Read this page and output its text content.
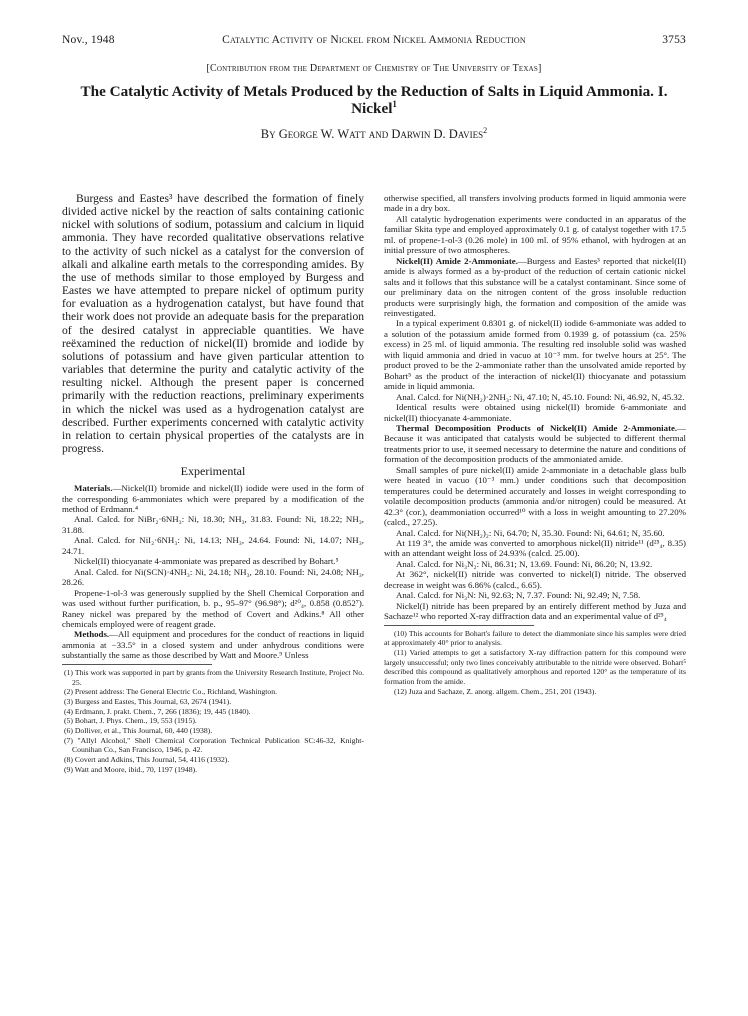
Nov., 1948	Catalytic Activity of Nickel from Nickel Ammonia Reduction	3753
[Contribution from the Department of Chemistry of The University of Texas]
The Catalytic Activity of Metals Produced by the Reduction of Salts in Liquid Ammonia. I. Nickel$^1$
By George W. Watt and Darwin D. Davies$^2$

Burgess and Eastes³ have described the formation of finely divided active nickel by the reaction of salts containing cationic nickel with solutions of sodium, potassium and calcium in liquid ammonia. They have recorded qualitative observations relative to the activity of such nickel as a catalyst for the conversion of alkali and alkaline earth metals to the corresponding amides. By the use of methods similar to those employed by Burgess and Eastes we have attempted to prepare nickel of optimum purity for evaluation as a hydrogenation catalyst, but have found that their work does not provide an adequate basis for the preparation of the desired catalyst in appreciable quantities. We have reëxamined the reduction of nickel(II) bromide and iodide by solutions of potassium and have given particular attention to variables that determine the purity and catalytic activity of the resulting nickel. Although the present paper is concerned primarily with the reduction reactions, preliminary experiments in which the nickel was used as a hydrogenation catalyst are described. Further experiments concerned with catalytic activity in relation to certain physical properties of the catalysts are in progress.

Experimental

Materials.—Nickel(II) bromide and nickel(II) iodide were used in the form of the corresponding 6-ammoniates which were prepared by a modification of the method of Erdmann.⁴

Anal. Calcd. for NiBr₂·6NH₃: Ni, 18.30; NH₃, 31.83. Found: Ni, 18.22; NH₃, 31.88.

Anal. Calcd. for NiI₂·6NH₃: Ni, 14.13; NH₃, 24.64. Found: Ni, 14.07; NH₃, 24.71.

Nickel(II) thiocyanate 4-ammoniate was prepared as described by Bohart.⁵

Anal. Calcd. for Ni(SCN)·4NH₃: Ni, 24.18; NH₃, 28.10. Found: Ni, 24.08; NH₃, 28.26.

Propene-1-ol-3 was generously supplied by the Shell Chemical Corporation and was used without further purification, b. p., 95–97° (96.98°); d²⁰₄, 0.858 (0.852⁷). Raney nickel was prepared by the method of Covert and Adkins.⁸ All other chemicals employed were of reagent grade.

Methods.—All equipment and procedures for the conduct of reactions in liquid ammonia at −33.5° in a closed system and under anhydrous conditions were substantially the same as those described by Watt and Moore.⁹ Unless

(1) This work was supported in part by grants from the University Research Institute, Project No. 25.

(2) Present address: The General Electric Co., Richland, Washington.

(3) Burgess and Eastes, This Journal, 63, 2674 (1941).

(4) Erdmann, J. prakt. Chem., 7, 266 (1836); 19, 445 (1840).

(5) Bohart, J. Phys. Chem., 19, 553 (1915).

(6) Dolliver, et al., This Journal, 60, 440 (1938).

(7) "Allyl Alcohol," Shell Chemical Corporation Technical Publication SC:46-32, Knight-Counihan Co., San Francisco, 1946, p. 42.

(8) Covert and Adkins, This Journal, 54, 4116 (1932).

(9) Watt and Moore, ibid., 70, 1197 (1948).

otherwise specified, all transfers involving products formed in liquid ammonia were made in a dry box.

All catalytic hydrogenation experiments were conducted in an apparatus of the familiar Skita type and employed approximately 0.1 g. of catalyst together with 17.5 ml. of propene-1-ol-3 (0.26 mole) in 100 ml. of 95% ethanol, with hydrogen at an initial pressure of two atmospheres.

Nickel(II) Amide 2-Ammoniate.—Burgess and Eastes³ reported that nickel(II) amide is always formed as a by-product of the reduction of certain cationic nickel salts and it follows that this substance will be a catalyst contaminant. Since some of our preliminary data on the nitrogen content of the gross insoluble reduction products were surprisingly high, the formation and composition of the amide was reinvestigated.

In a typical experiment 0.8301 g. of nickel(II) iodide 6-ammoniate was added to a solution of the potassium amide formed from 0.1939 g. of potassium (ca. 25% excess) in 25 ml. of liquid ammonia. The resulting red insoluble solid was washed with liquid ammonia and dried in vacuo at 10⁻³ mm. for twelve hours at 25°. The product proved to be the 2-ammoniate rather than the unsolvated amide reported by Bohart⁵ as the product of the interaction of nickel(II) thiocyanate and potassium amide in liquid ammonia.

Anal. Calcd. for Ni(NH₂)·2NH₃: Ni, 47.10; N, 45.10. Found: Ni, 46.92, N, 45.32.

Identical results were obtained using nickel(II) bromide 6-ammoniate and nickel(II) thiocyanate 4-ammoniate.

Thermal Decomposition Products of Nickel(II) Amide 2-Ammoniate.—Because it was anticipated that catalysts would be subjected to different thermal treatments prior to use, it seemed necessary to determine the nature and conditions of formation of the decomposition products of the ammoniated amide.

Small samples of pure nickel(II) amide 2-ammoniate in a detachable glass bulb were heated in vacuo (10⁻³ mm.) under conditions such that decomposition temperatures could be determined accurately and losses in weight corresponding to volatile decomposition products (ammonia and/or nitrogen) could be measured. At 42.3° (cor.), deammoniation occurred¹⁰ with a loss in weight amounting to 27.20% (calcd., 27.25).

Anal. Calcd. for Ni(NH₂)₂: Ni, 64.70; N, 35.30. Found: Ni, 64.61; N, 35.60.

At 119 3°, the amide was converted to amorphous nickel(II) nitride¹¹ (d²⁵₄, 8.35) with an attendant weight loss of 24.93% (calcd. 25.00).

Anal. Calcd. for Ni₃N₂: Ni, 86.31; N, 13.69. Found: Ni, 86.20; N, 13.92.

At 362°, nickel(II) nitride was converted to nickel(I) nitride. The observed decrease in weight was 6.86% (calcd., 6.65).

Anal. Calcd. for Ni₃N: Ni, 92.63; N, 7.37. Found: Ni, 92.49; N, 7.58.

Nickel(I) nitride has been prepared by an entirely different method by Juza and Sachaze¹² who reported X-ray diffraction data and an experimental value of d²⁵₄

(10) This accounts for Bohart's failure to detect the diammoniate since his samples were dried at approximately 40° prior to analysis.

(11) Varied attempts to get a satisfactory X-ray diffraction pattern for this compound were largely unsuccessful; only two lines conceivably attributable to the nitride were observed. Bohart⁵ described this compound as qualitatively amorphous and reported 120° as the temperature of its formation from the amide.

(12) Juza and Sachaze, Z. anorg. allgem. Chem., 251, 201 (1943).
